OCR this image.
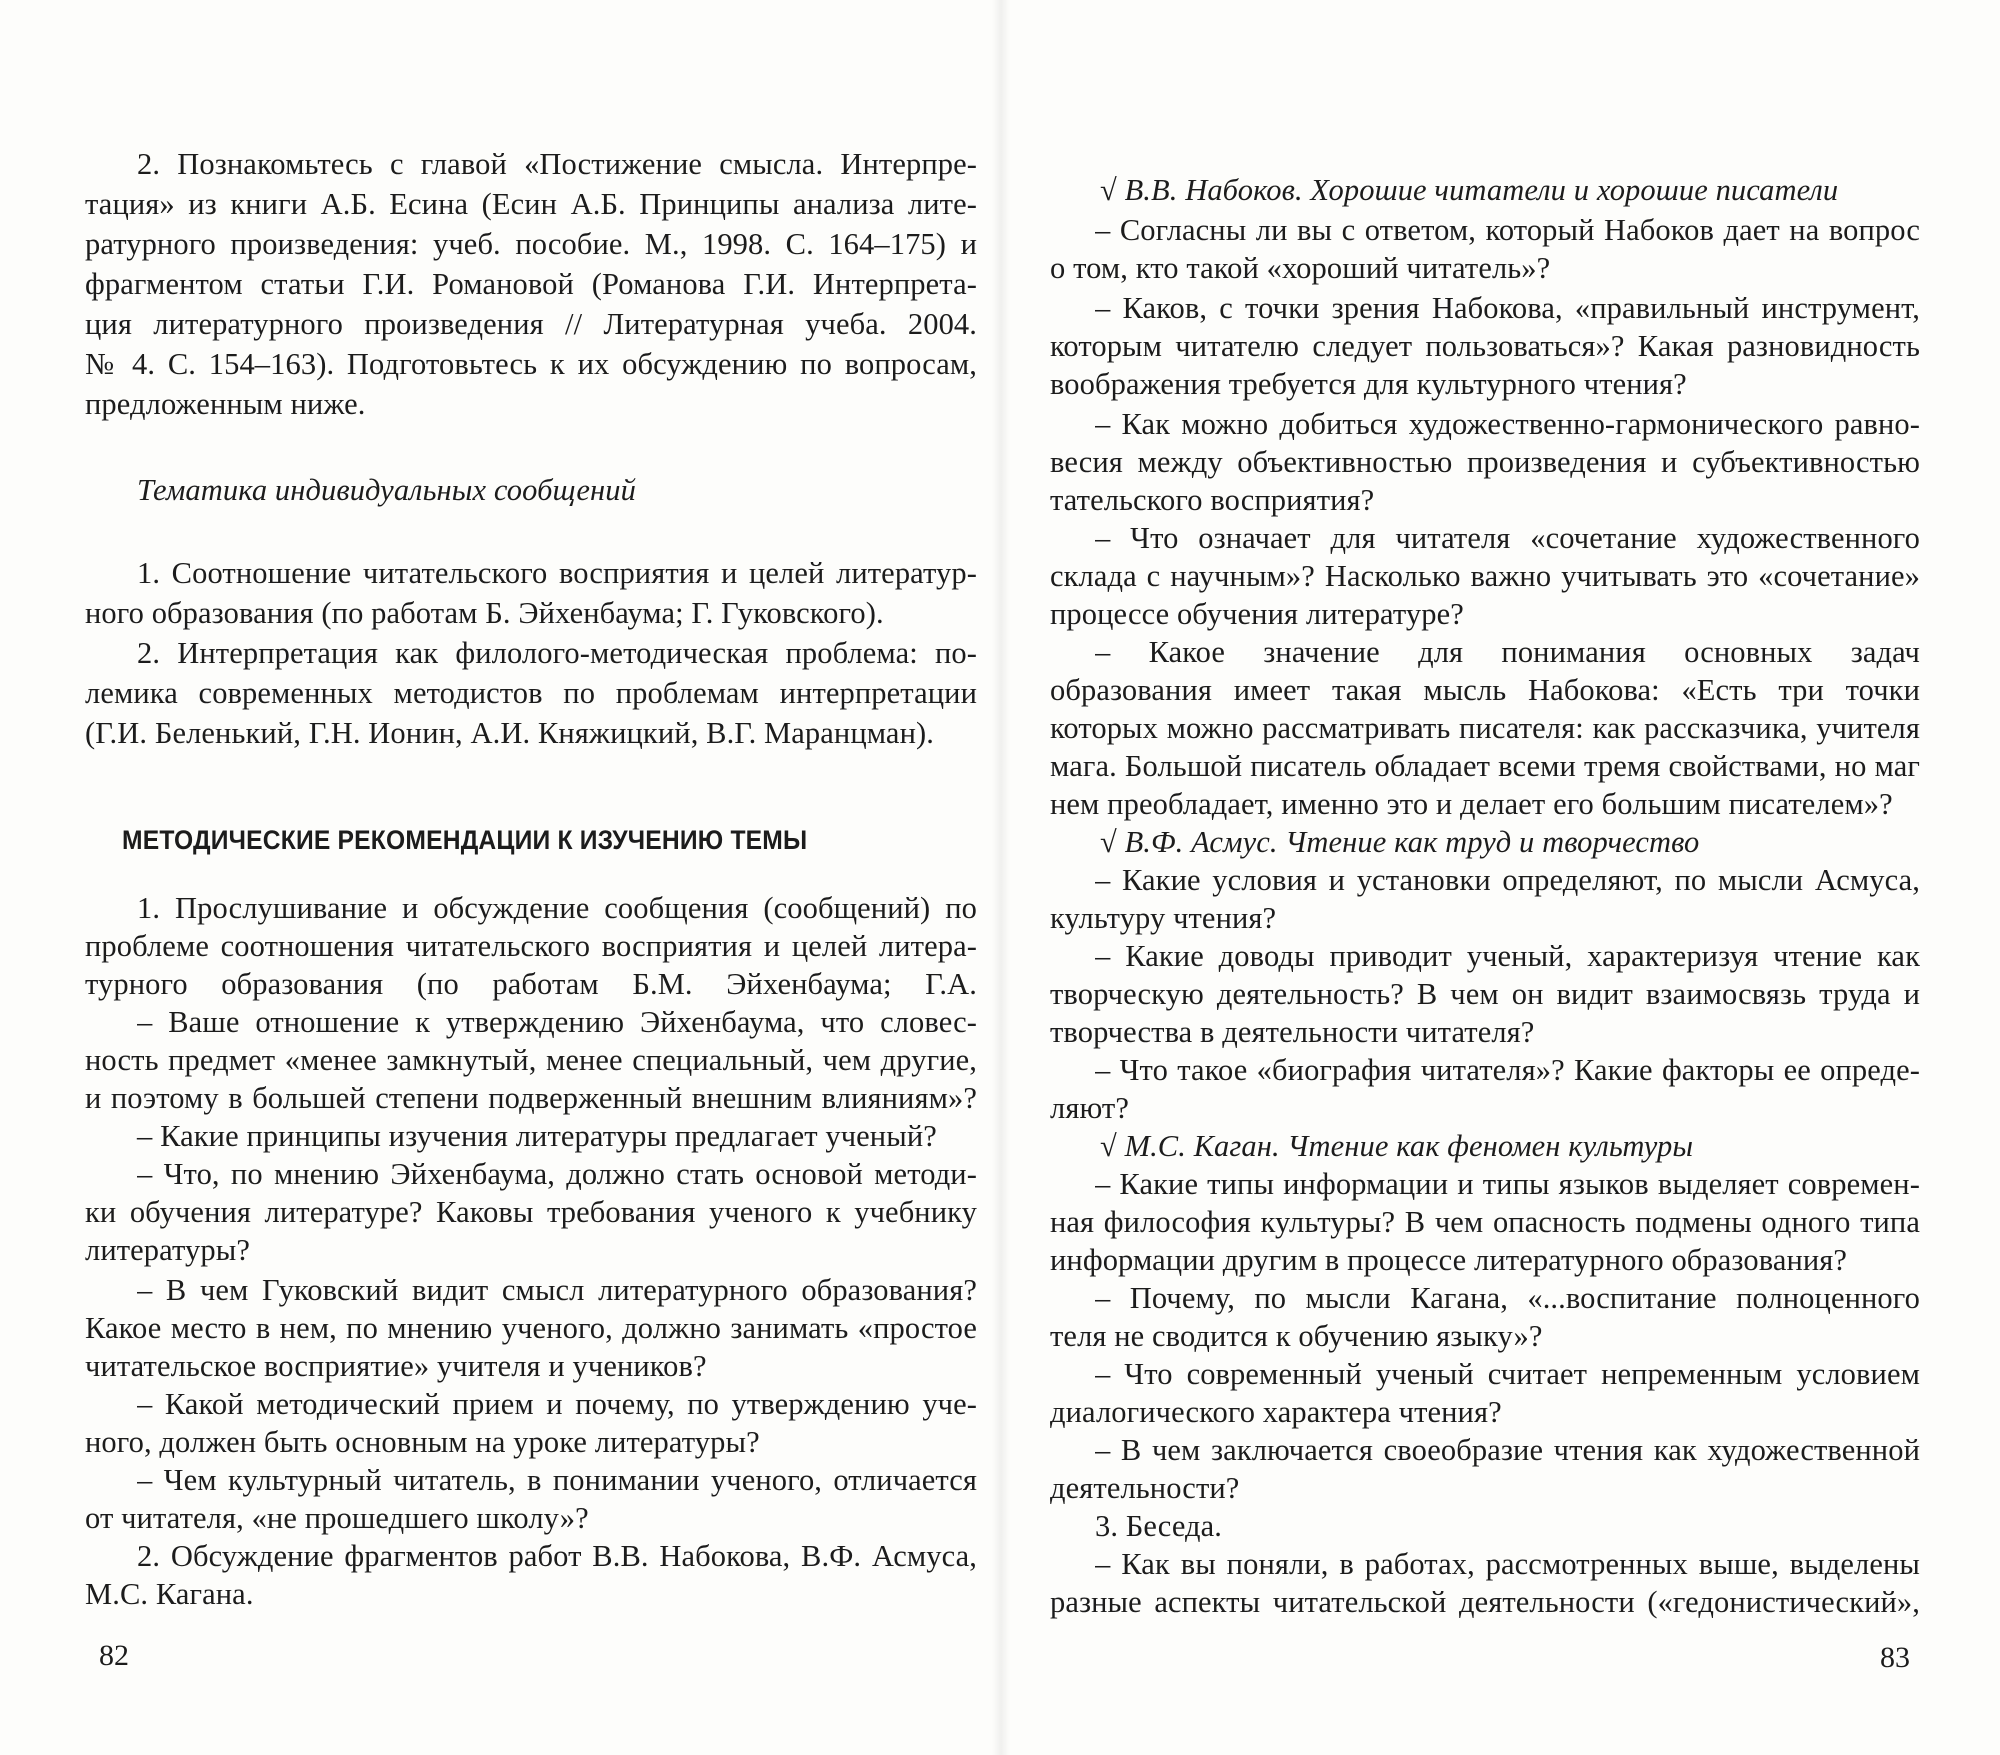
2. Познакомьтесь с главой «Постижение смысла. Интерпре-
тация» из книги А.Б. Есина (Есин А.Б. Принципы анализа лите-
ратурного произведения: учеб. пособие. М., 1998. С. 164–175) и
фрагментом статьи Г.И. Романовой (Романова Г.И. Интерпрета-
ция литературного произведения // Литературная учеба. 2004.
№ 4. С. 154–163). Подготовьтесь к их обсуждению по вопросам,
предложенным ниже.
Тематика индивидуальных сообщений
1. Соотношение читательского восприятия и целей литератур-
ного образования (по работам Б. Эйхенбаума; Г. Гуковского).
2. Интерпретация как филолого-методическая проблема: по-
лемика современных методистов по проблемам интерпретации
(Г.И. Беленький, Г.Н. Ионин, А.И. Княжицкий, В.Г. Маранцман).
МЕТОДИЧЕСКИЕ РЕКОМЕНДАЦИИ К ИЗУЧЕНИЮ ТЕМЫ
1. Прослушивание и обсуждение сообщения (сообщений) по
проблеме соотношения читательского восприятия и целей литера-
турного образования (по работам Б.М. Эйхенбаума; Г.А.
– Ваше отношение к утверждению Эйхенбаума, что словес-
ность предмет «менее замкнутый, менее специальный, чем другие,
и поэтому в большей степени подверженный внешним влияниям»?
– Какие принципы изучения литературы предлагает ученый?
– Что, по мнению Эйхенбаума, должно стать основой методи-
ки обучения литературе? Каковы требования ученого к учебнику
литературы?
– В чем Гуковский видит смысл литературного образования?
Какое место в нем, по мнению ученого, должно занимать «простое
читательское восприятие» учителя и учеников?
– Какой методический прием и почему, по утверждению уче-
ного, должен быть основным на уроке литературы?
– Чем культурный читатель, в понимании ученого, отличается
от читателя, «не прошедшего школу»?
2. Обсуждение фрагментов работ В.В. Набокова, В.Ф. Асмуса,
М.С. Кагана.
82
√ В.В. Набоков. Хорошие читатели и хорошие писатели
– Согласны ли вы с ответом, который Набоков дает на вопрос
о том, кто такой «хороший читатель»?
– Каков, с точки зрения Набокова, «правильный инструмент,
которым читателю следует пользоваться»? Какая разновидность
воображения требуется для культурного чтения?
– Как можно добиться художественно-гармонического равно-
весия между объективностью произведения и субъективностью
тательского восприятия?
– Что означает для читателя «сочетание художественного
склада с научным»? Насколько важно учитывать это «сочетание»
процессе обучения литературе?
– Какое значение для понимания основных задач
образования имеет такая мысль Набокова: «Есть три точки
которых можно рассматривать писателя: как рассказчика, учителя
мага. Большой писатель обладает всеми тремя свойствами, но маг
нем преобладает, именно это и делает его большим писателем»?
√ В.Ф. Асмус. Чтение как труд и творчество
– Какие условия и установки определяют, по мысли Асмуса,
культуру чтения?
– Какие доводы приводит ученый, характеризуя чтение как
творческую деятельность? В чем он видит взаимосвязь труда и
творчества в деятельности читателя?
– Что такое «биография читателя»? Какие факторы ее опреде-
ляют?
√ М.С. Каган. Чтение как феномен культуры
– Какие типы информации и типы языков выделяет современ-
ная философия культуры? В чем опасность подмены одного типа
информации другим в процессе литературного образования?
– Почему, по мысли Кагана, «...воспитание полноценного
теля не сводится к обучению языку»?
– Что современный ученый считает непременным условием
диалогического характера чтения?
– В чем заключается своеобразие чтения как художественной
деятельности?
3. Беседа.
– Как вы поняли, в работах, рассмотренных выше, выделены
разные аспекты читательской деятельности («гедонистический»,
83
